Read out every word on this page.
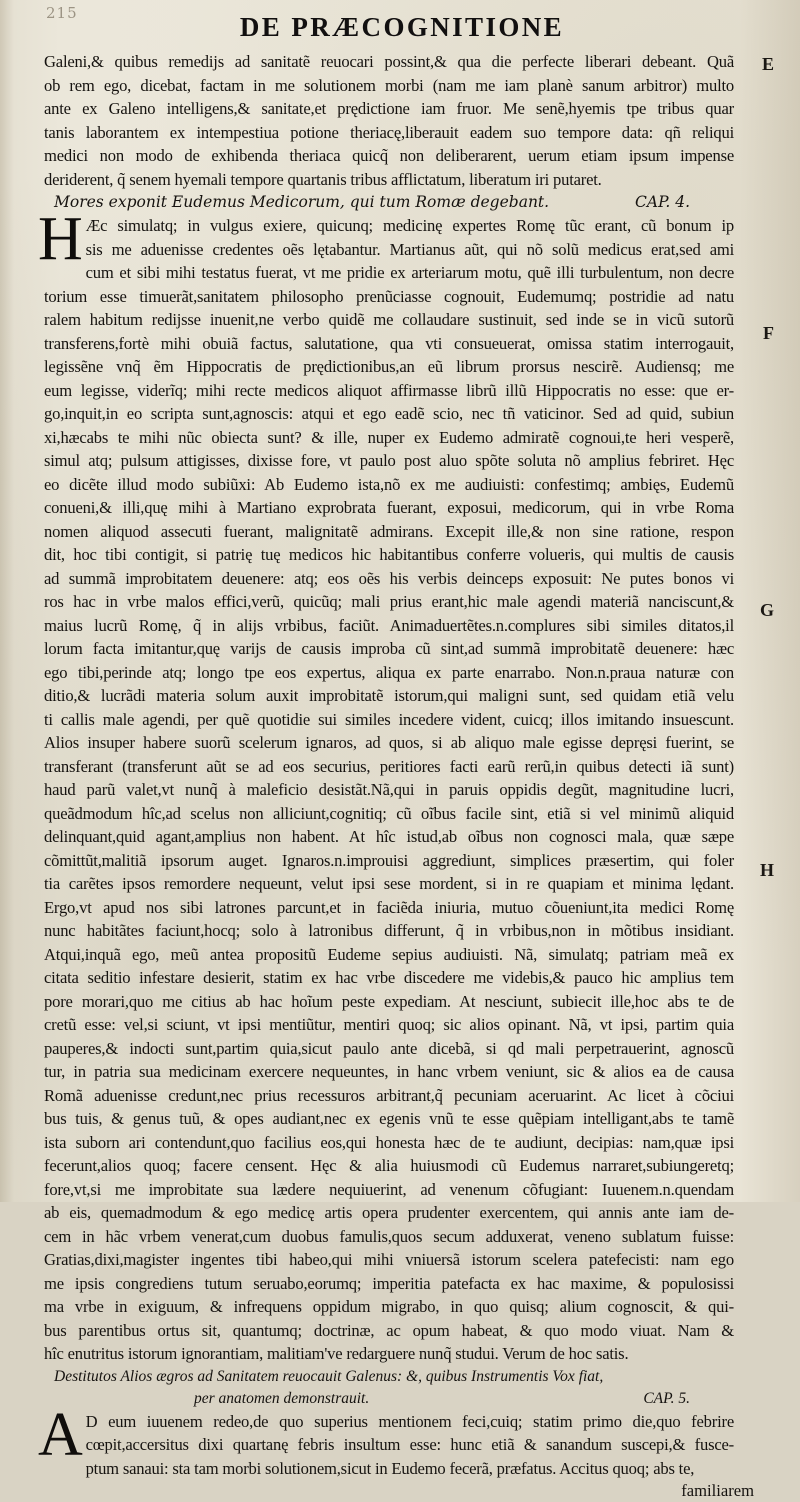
215	DE PRÆCOGNITIONE
Galeni,& quibus remedijs ad sanitatẽ reuocari possint,& qua die perfecte liberari debeant. Quã
ob rem ego, dicebat, factam in me solutionem morbi (nam me iam planè sanum arbitror) multo
ante ex Galeno intelligens,& sanitate,et prędictione iam fruor. Me senẽ,hyemis tpe tribus quar
tanis laborantem ex intempestiua potione theriacę,liberauit eadem suo tempore data: qñ reliqui
medici non modo de exhibenda theriaca quicq̃ non deliberarent, uerum etiam ipsum impense
deriderent, q̃ senem hyemali tempore quartanis tribus afflictatum, liberatum iri putaret.
Mores exponit Eudemus Medicorum, qui tum Romæ degebant.	CAP. 4.
H Æc simulatq; in vulgus exiere, quicunq; medicinę expertes Romę tũc erant, cũ bonum ip
sis me aduenisse credentes oẽs lętabantur. Martianus aũt, qui nõ solũ medicus erat,sed ami
cum et sibi mihi testatus fuerat, vt me pridie ex arteriarum motu, quẽ illi turbulentum, non decre
torium esse timuerãt,sanitatem philosopho prenũciasse cognouit, Eudemumq; postridie ad natu
ralem habitum redijsse inuenit,ne verbo quidẽ me collaudare sustinuit, sed inde se in vicũ sutorũ
transferens,fortè mihi obuiã factus, salutatione, qua vti consueuerat, omissa statim interrogauit,
legissẽne vnq̃ ẽm Hippocratis de prędictionibus,an eũ librum prorsus nescirẽ. Audiensq; me
eum legisse, viderĩq; mihi recte medicos aliquot affirmasse librũ illũ Hippocratis no esse: que er-
go,inquit,in eo scripta sunt,agnoscis: atqui et ego eadẽ scio, nec tñ vaticinor. Sed ad quid, subiun
xi,hæcabs te mihi nũc obiecta sunt? & ille, nuper ex Eudemo admiratẽ cognoui,te heri vesperẽ,
simul atq; pulsum attigisses, dixisse fore, vt paulo post aluo spõte soluta nõ amplius febriret. Hęc
eo dicẽte illud modo subiũxi: Ab Eudemo ista,nõ ex me audiuisti: confestimq; ambięs, Eudemũ
conueni,& illi,quę mihi à Martiano exprobrata fuerant, exposui, medicorum, qui in vrbe Roma
nomen aliquod assecuti fuerant, malignitatẽ admirans. Excepit ille,& non sine ratione, respon
dit, hoc tibi contigit, si patrię tuę medicos hic habitantibus conferre volueris, qui multis de causis
ad summã improbitatem deuenere: atq; eos oẽs his verbis deinceps exposuit: Ne putes bonos vi
ros hac in vrbe malos effici,verũ, quicũq; mali prius erant,hic male agendi materiã nanciscunt,&
maius lucrũ Romę, q̃ in alijs vrbibus, faciũt. Animaduertẽtes.n.complures sibi similes ditatos,il
lorum facta imitantur,quę varijs de causis improba cũ sint,ad summã improbitatẽ deuenere: hæc
ego tibi,perinde atq; longo tpe eos expertus, aliqua ex parte enarrabo. Non.n.praua naturæ con
ditio,& lucrãdi materia solum auxit improbitatẽ istorum,qui maligni sunt, sed quidam etiã velu
ti callis male agendi, per quẽ quotidie sui similes incedere vident, cuicq; illos imitando insuescunt.
Alios insuper habere suorũ scelerum ignaros, ad quos, si ab aliquo male egisse depręsi fuerint, se
transferant (transferunt aũt se ad eos securius, peritiores facti earũ rerũ,in quibus detecti iã sunt)
haud parũ valet,vt nunq̃ à maleficio desistãt.Nã,qui in paruis oppidis degũt, magnitudine lucri,
queãdmodum hîc,ad scelus non alliciunt,cognitiq; cũ oĩbus facile sint, etiã si vel minimũ aliquid
delinquant,quid agant,amplius non habent. At hîc istud,ab oĩbus non cognosci mala, quæ sæpe
cõmittũt,malitiã ipsorum auget. Ignaros.n.improuisi aggrediunt, simplices præsertim, qui foler
tia carẽtes ipsos remordere nequeunt, velut ipsi sese mordent, si in re quapiam et minima lędant.
Ergo,vt apud nos sibi latrones parcunt,et in faciẽda iniuria, mutuo cõueniunt,ita medici Romę
nunc habitãtes faciunt,hocq; solo à latronibus differunt, q̃ in vrbibus,non in mõtibus insidiant.
Atqui,inquã ego, meũ antea propositũ Eudeme sepius audiuisti. Nã, simulatq; patriam meã ex
citata seditio infestare desierit, statim ex hac vrbe discedere me videbis,& pauco hic amplius tem
pore morari,quo me citius ab hac hoĩum peste expediam. At nesciunt, subiecit ille,hoc abs te de
cretũ esse: vel,si sciunt, vt ipsi mentiũtur, mentiri quoq; sic alios opinant. Nã, vt ipsi, partim quia
pauperes,& indocti sunt,partim quia,sicut paulo ante dicebã, si qd mali perpetrauerint, agnoscũ
tur, in patria sua medicinam exercere nequeuntes, in hanc vrbem veniunt, sic & alios ea de causa
Romã aduenisse credunt,nec prius recessuros arbitrant,q̃ pecuniam aceruarint. Ac licet à cõciui
bus tuis, & genus tuũ, & opes audiant,nec ex egenis vnũ te esse quẽpiam intelligant,abs te tamẽ
ista suborn ari contendunt,quo facilius eos,qui honesta hæc de te audiunt, decipias: nam,quæ ipsi
fecerunt,alios quoq; facere censent. Hęc & alia huiusmodi cũ Eudemus narraret,subiungeretq;
fore,vt,si me improbitate sua lædere nequiuerint, ad venenum cõfugiant: Iuuenem.n.quendam
ab eis, quemadmodum & ego medicę artis opera prudenter exercentem, qui annis ante iam de-
cem in hãc vrbem venerat,cum duobus famulis,quos secum adduxerat, veneno sublatum fuisse:
Gratias,dixi,magister ingentes tibi habeo,qui mihi vniuersã istorum scelera patefecisti: nam ego
me ipsis congrediens tutum seruabo,eorumq; imperitia patefacta ex hac maxime, & populosissi
ma vrbe in exiguum, & infrequens oppidum migrabo, in quo quisq; alium cognoscit, & qui-
bus parentibus ortus sit, quantumq; doctrinæ, ac opum habeat, & quo modo viuat. Nam &
hîc enutritus istorum ignorantiam, malitiam've redarguere nunq̃ studui. Verum de hoc satis.
Destitutos Alios ægros ad Sanitatem reuocauit Galenus: &, quibus Instrumentis Vox fiat,
per anatomen demonstrauit.	CAP. 5.
A D eum iuuenem redeo,de quo superius mentionem feci,cuiq; statim primo die,quo febrire
cœpit,accersitus dixi quartanę febris insultum esse: hunc etiã & sanandum suscepi,& fusce-
ptum sanaui: sta tam morbi solutionem,sicut in Eudemo fecerã, præfatus. Accitus quoq; abs te,
familiarem
E
F
G
H
